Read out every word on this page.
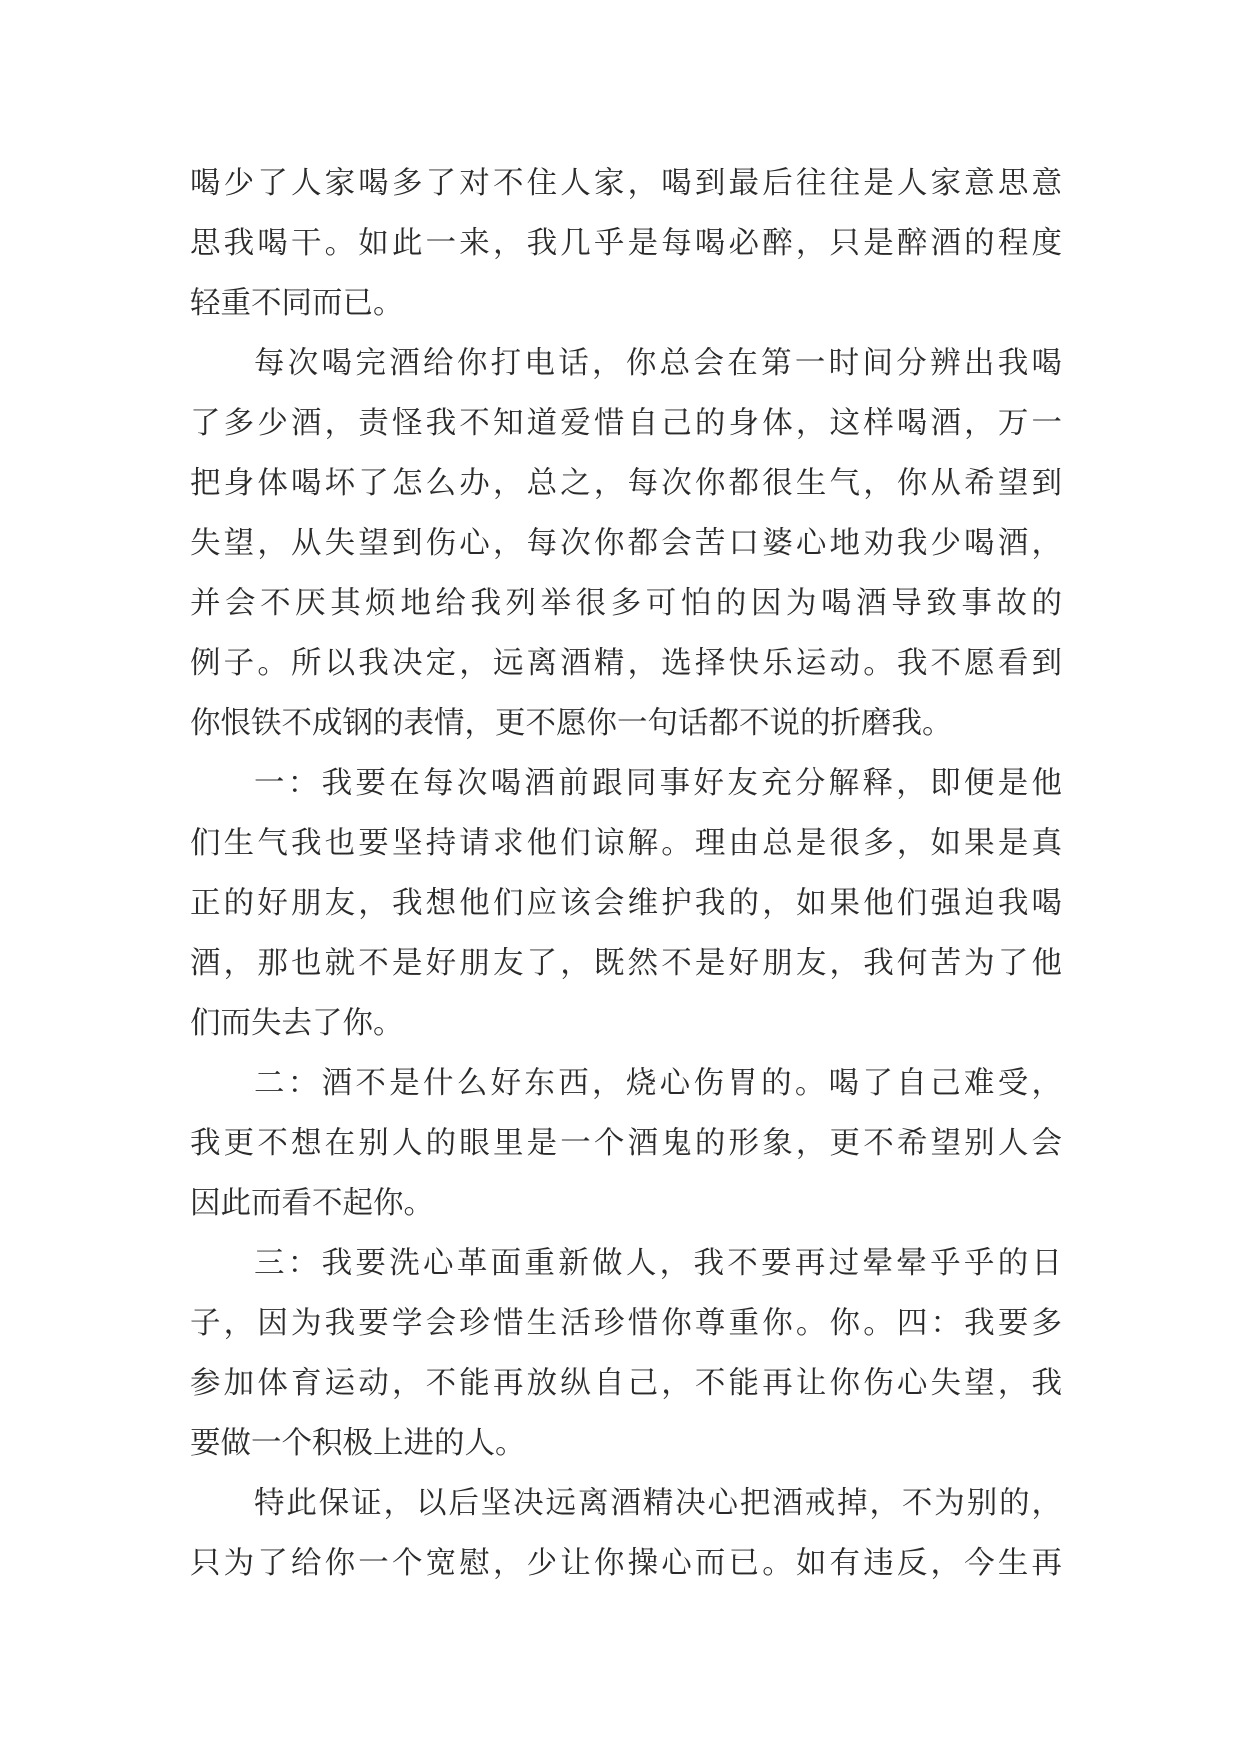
喝少了人家喝多了对不住人家，喝到最后往往是人家意思意
思我喝干。如此一来，我几乎是每喝必醉，只是醉酒的程度
轻重不同而已。
每次喝完酒给你打电话，你总会在第一时间分辨出我喝
了多少酒，责怪我不知道爱惜自己的身体，这样喝酒，万一
把身体喝坏了怎么办，总之，每次你都很生气，你从希望到
失望，从失望到伤心，每次你都会苦口婆心地劝我少喝酒，
并会不厌其烦地给我列举很多可怕的因为喝酒导致事故的
例子。所以我决定，远离酒精，选择快乐运动。我不愿看到
你恨铁不成钢的表情，更不愿你一句话都不说的折磨我。
一：我要在每次喝酒前跟同事好友充分解释，即便是他
们生气我也要坚持请求他们谅解。理由总是很多，如果是真
正的好朋友，我想他们应该会维护我的，如果他们强迫我喝
酒，那也就不是好朋友了，既然不是好朋友，我何苦为了他
们而失去了你。
二：酒不是什么好东西，烧心伤胃的。喝了自己难受，
我更不想在别人的眼里是一个酒鬼的形象，更不希望别人会
因此而看不起你。
三：我要洗心革面重新做人，我不要再过晕晕乎乎的日
子，因为我要学会珍惜生活珍惜你尊重你。你。四：我要多
参加体育运动，不能再放纵自己，不能再让你伤心失望，我
要做一个积极上进的人。
特此保证，以后坚决远离酒精决心把酒戒掉，不为别的，
只为了给你一个宽慰，少让你操心而已。如有违反，今生再
